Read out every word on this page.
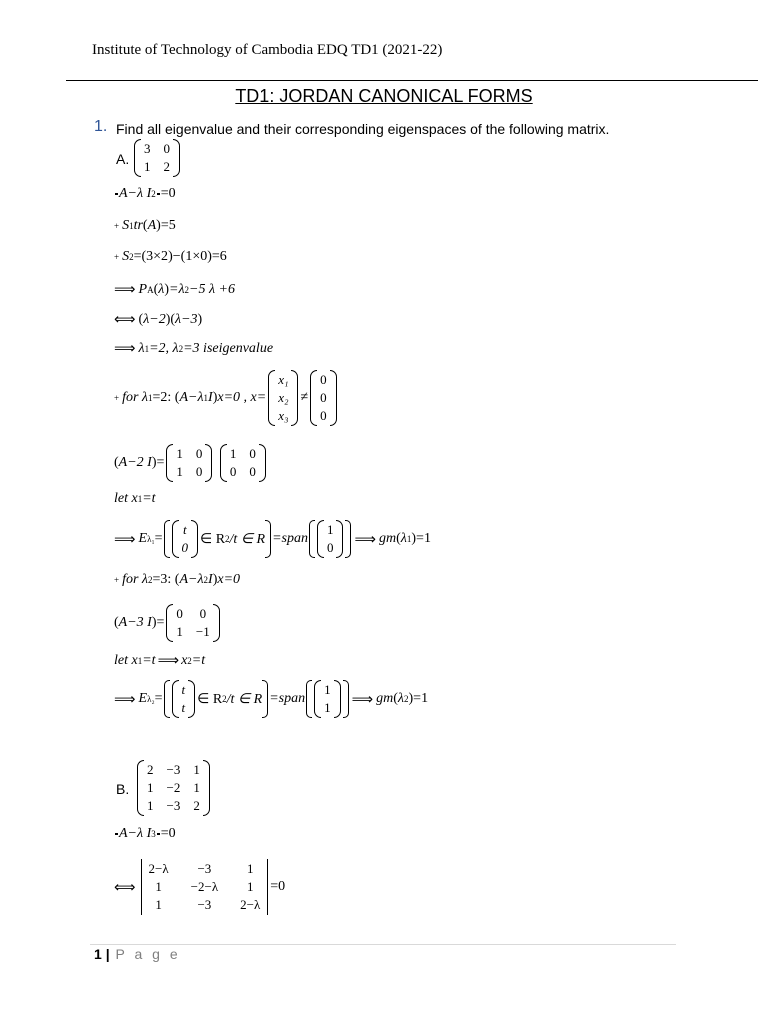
Institute of Technology of Cambodia EDQ TD1 (2021-22)
TD1: JORDAN CANONICAL FORMS
1. Find all eigenvalue and their corresponding eigenspaces of the following matrix.
A.
3 0
1 2
A−λ I 2 =0
+ S 1 tr ( A ) =5
+ S 2 = ( 3×2 ) − ( 1×0 ) =6
⟹ P A ( λ ) =λ 2 −5 λ +6
⟺ ( λ−2 )( λ−3 )
⟹ λ 1 =2, λ 2 =3 iseigenvalue
+ for λ 1 =2:
( A−λ 1 I ) x=0 , x=
x₁
x₂
x₃
≠
0
0
0
( A−2 I ) =
1 0
1 0

1 0
0 0
let x 1 =t
⟹ E λ₁ =
t
0
∈ R 2 /t ∈ R =span
1
0 ⟹ gm ( λ 1 ) =1
+ for λ 2 =3:
( A−λ 2 I ) x=0
( A−3 I ) =
0 0
1 −1
let x 1 =t ⟹ x 2 =t
⟹ E λ₂ =
t
t
∈ R 2 /t ∈ R =span
1
1 ⟹ gm ( λ 2 ) =1
B.
2 −3 1
1 −2 1
1 −3 2
A−λ I 3 =0
⟺
2−λ	−3	1
1	−2−λ	1
1	−3	2−λ
=0
1 | P a g e
